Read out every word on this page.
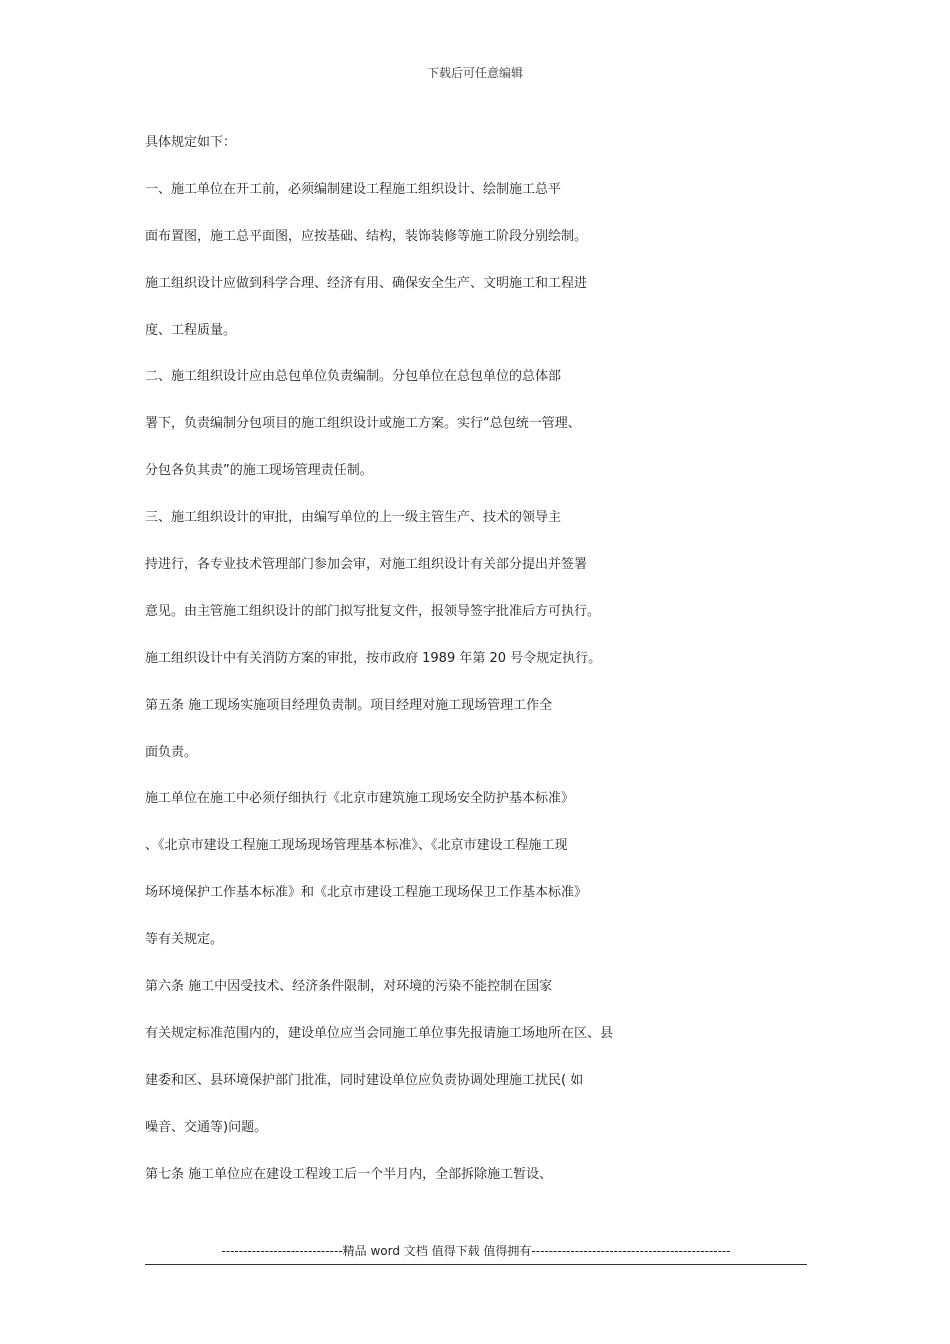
下载后可任意编辑
具体规定如下：
一、施工单位在开工前，必须编制建设工程施工组织设计、绘制施工总平
面布置图，施工总平面图，应按基础、结构，装饰装修等施工阶段分别绘制。
施工组织设计应做到科学合理、经济有用、确保安全生产、文明施工和工程进
度、工程质量。
二、施工组织设计应由总包单位负责编制。分包单位在总包单位的总体部
署下，负责编制分包项目的施工组织设计或施工方案。实行“总包统一管理、
分包各负其责”的施工现场管理责任制。
三、施工组织设计的审批，由编写单位的上一级主管生产、技术的领导主
持进行，各专业技术管理部门参加会审，对施工组织设计有关部分提出并签署
意见。由主管施工组织设计的部门拟写批复文件，报领导签字批准后方可执行。
施工组织设计中有关消防方案的审批，按市政府 1989 年第 20 号令规定执行。
第五条 施工现场实施项目经理负责制。项目经理对施工现场管理工作全
面负责。
施工单位在施工中必须仔细执行《北京市建筑施工现场安全防护基本标准》
、《北京市建设工程施工现场现场管理基本标准》、《北京市建设工程施工现
场环境保护工作基本标准》和《北京市建设工程施工现场保卫工作基本标准》
等有关规定。
第六条 施工中因受技术、经济条件限制，对环境的污染不能控制在国家
有关规定标准范围内的，建设单位应当会同施工单位事先报请施工场地所在区、县
建委和区、县环境保护部门批准，同时建设单位应负责协调处理施工扰民( 如
噪音、交通等)问题。
第七条 施工单位应在建设工程竣工后一个半月内，全部拆除施工暂设、
----------------------------精品 word 文档 值得下载 值得拥有----------------------------------------------
